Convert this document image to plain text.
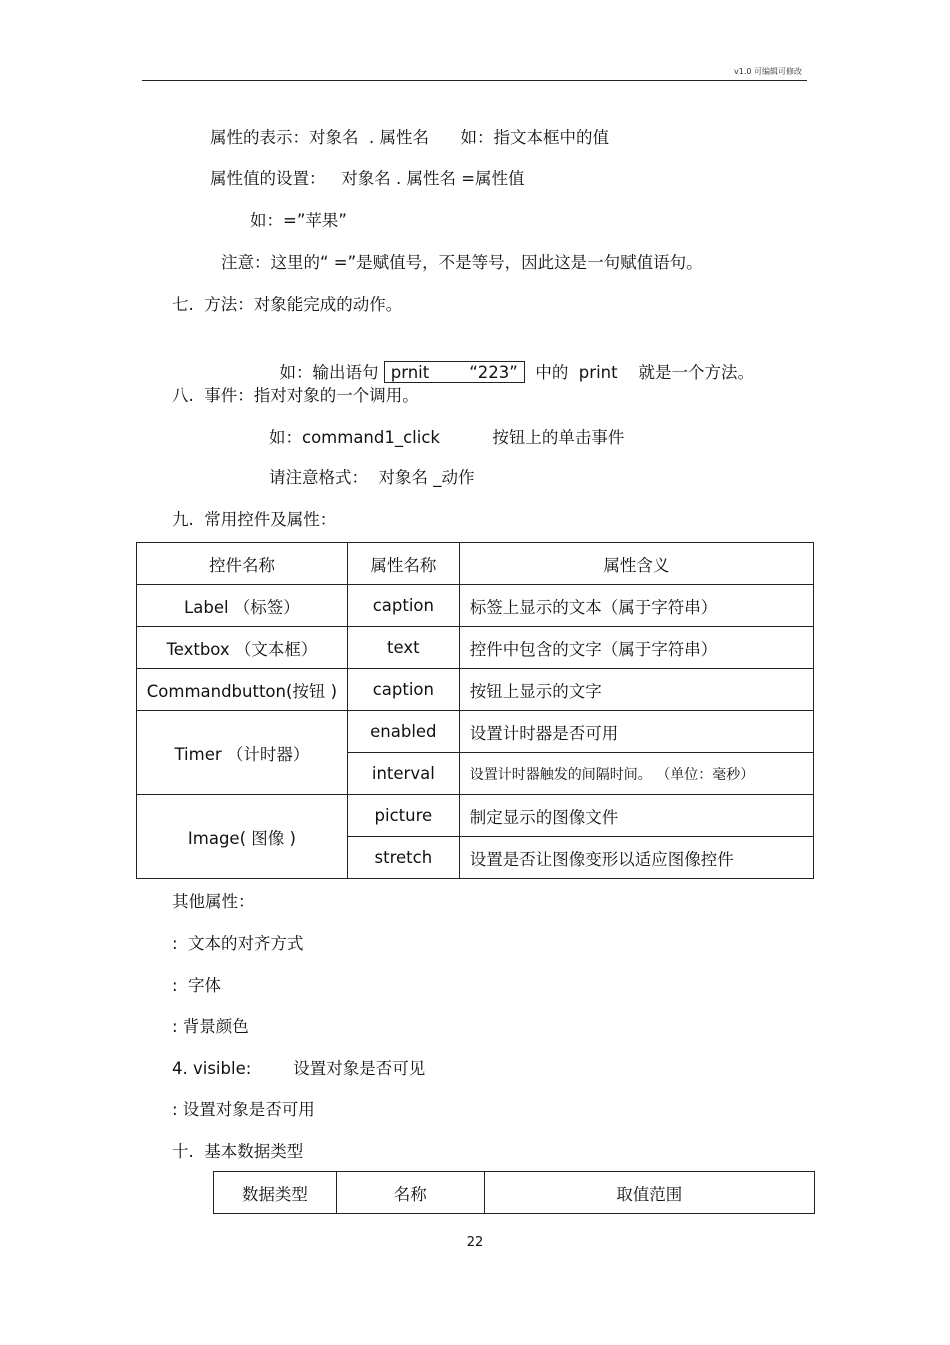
v1.0 可编辑可修改
属性的表示：对象名  . 属性名      如：指文本框中的值
属性值的设置：   对象名 . 属性名 =属性值
如：=”苹果”
注意：这里的“ =”是赋值号，不是等号，因此这是一句赋值语句。
七.  方法：对象能完成的动作。

如：输出语句 prnit “223”  中的  print    就是一个方法。

八.  事件：指对对象的一个调用。
如：command1_click          按钮上的单击事件
请注意格式：  对象名 _动作
九.  常用控件及属性：
控件名称	属性名称	属性含义
Label （标签）	caption	标签上显示的文本（属于字符串）
Textbox （文本框）	text	控件中包含的文字（属于字符串）
Commandbutton(按钮 )	caption	按钮上显示的文字
Timer （计时器）	enabled	设置计时器是否可用
	interval	设置计时器触发的间隔时间。 （单位：毫秒）
Image( 图像 )	picture	制定显示的图像文件
	stretch	设置是否让图像变形以适应图像控件
其他属性：
:  文本的对齐方式
:  字体
: 背景颜色
4. visible:        设置对象是否可见
: 设置对象是否可用
十.  基本数据类型
数据类型	名称	取值范围
22
